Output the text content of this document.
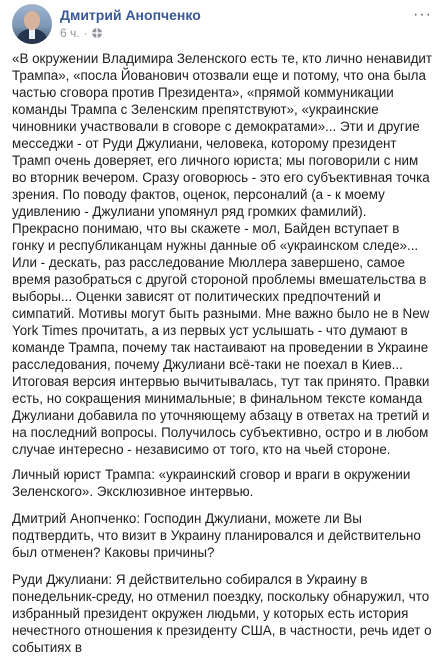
Дмитрий Анопченко
6 ч. ·
···

«В окружении Владимира Зеленского есть те, кто лично ненавидит Трампа», «посла Йованович отозвали еще и потому, что она была частью сговора против Президента», «прямой коммуникации команды Трампа с Зеленским препятствуют», «украинские чиновники участвовали в сговоре с демократами»... Эти и другие месседжи - от Руди Джулиани, человека, которому президент Трамп очень доверяет, его личного юриста; мы поговорили с ним во вторник вечером. Сразу оговорюсь - это его субъективная точка зрения. По поводу фактов, оценок, персоналий (а - к моему удивлению - Джулиани упомянул ряд громких фамилий). Прекрасно понимаю, что вы скажете - мол, Байден вступает в гонку и республиканцам нужны данные об «украинском следе»... Или - дескать, раз расследование Мюллера завершено, самое время разобраться с другой стороной проблемы вмешательства в выборы... Оценки зависят от политических предпочтений и симпатий. Мотивы могут быть разными. Мне важно было не в New York Times прочитать, а из первых уст услышать - что думают в команде Трампа, почему так настаивают на проведении в Украине расследования, почему Джулиани всё-таки не поехал в Киев... Итоговая версия интервью вычитывалась, тут так принято. Правки есть, но сокращения минимальные; в финальном тексте команда Джулиани добавила по уточняющему абзацу в ответах на третий и на последний вопросы. Получилось субъективно, остро и в любом случае интересно - независимо от того, кто на чьей стороне.

Личный юрист Трампа: «украинский сговор и враги в окружении Зеленского». Эксклюзивное интервью.

Дмитрий Анопченко: Господин Джулиани, можете ли Вы подтвердить, что визит в Украину планировался и действительно был отменен? Каковы причины?

Руди Джулиани: Я действительно собирался в Украину в понедельник-среду, но отменил поездку, поскольку обнаружил, что избранный президент окружен людьми, у которых есть история нечестного отношения к президенту США, в частности, речь идет о событиях в
